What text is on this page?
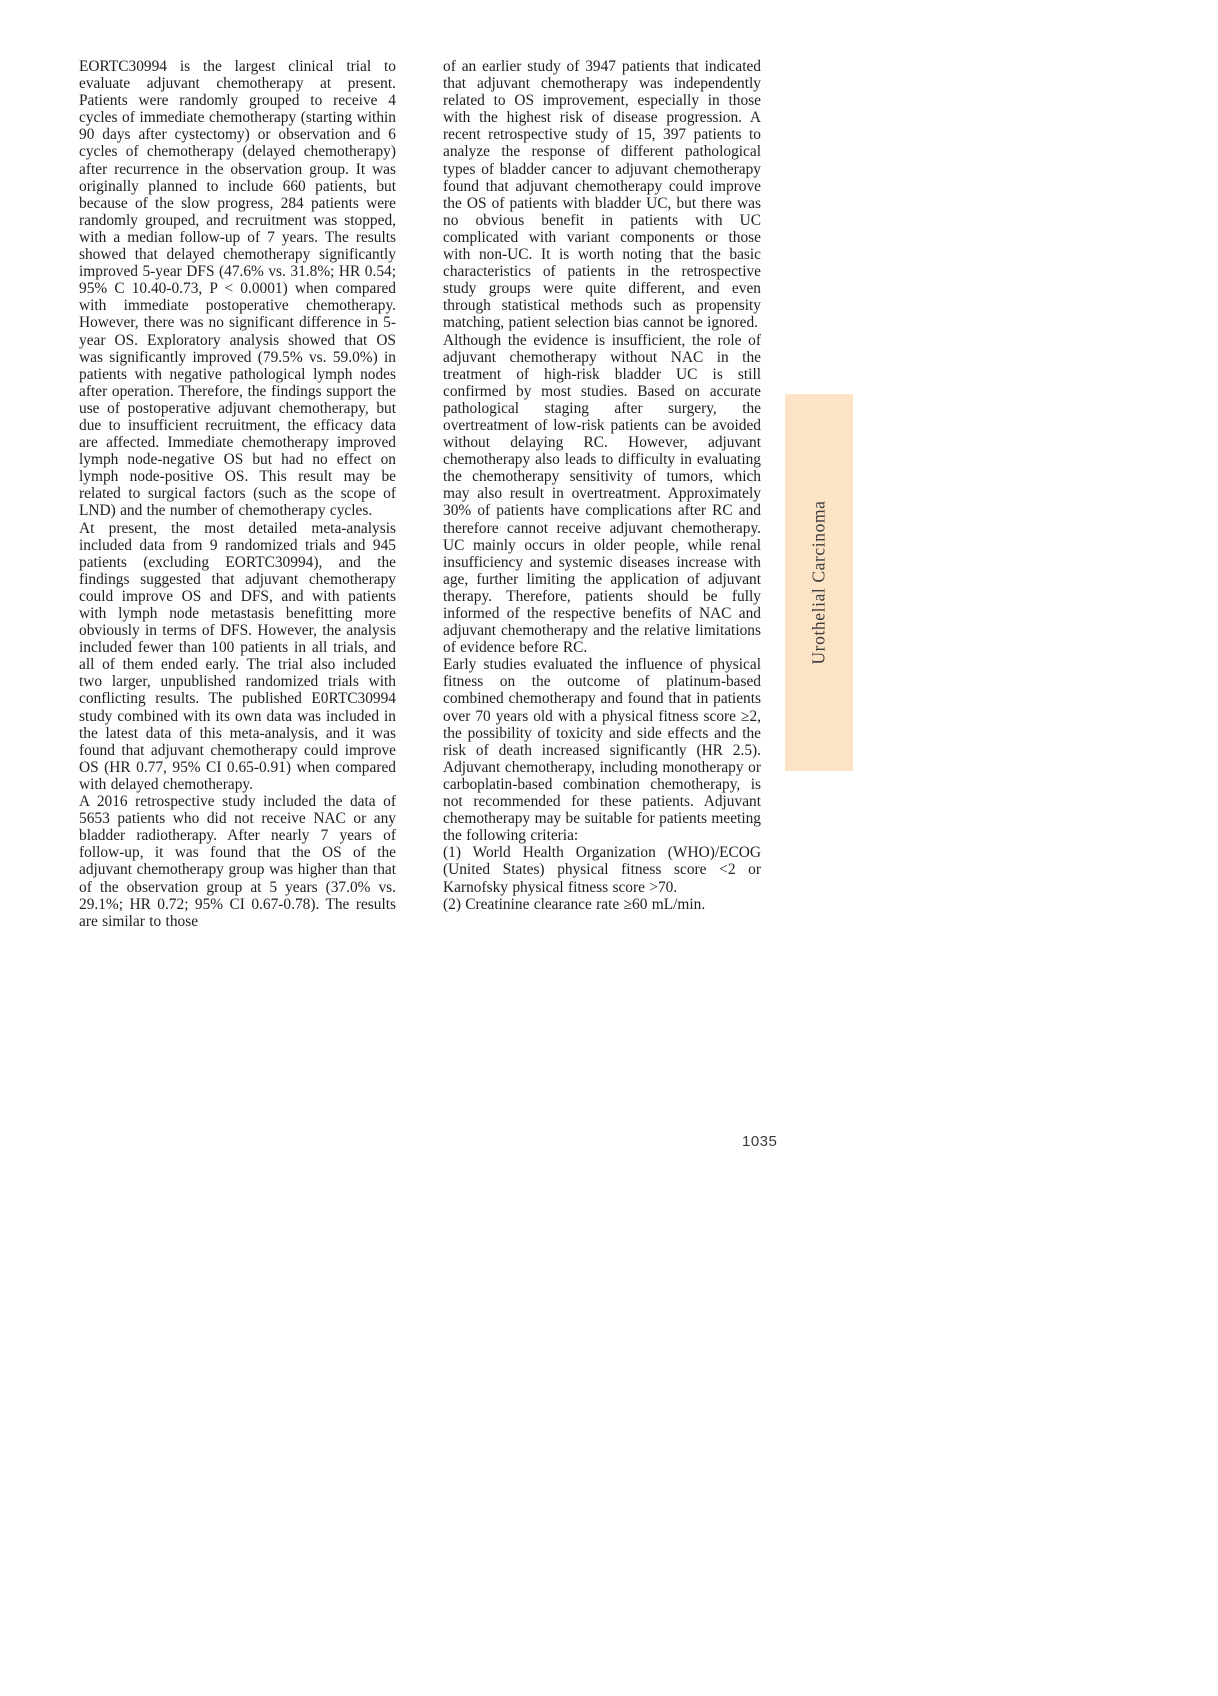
EORTC30994 is the largest clinical trial to evaluate adjuvant chemotherapy at present. Patients were randomly grouped to receive 4 cycles of immediate chemotherapy (starting within 90 days after cystectomy) or observation and 6 cycles of chemotherapy (delayed chemotherapy) after recurrence in the observation group. It was originally planned to include 660 patients, but because of the slow progress, 284 patients were randomly grouped, and recruitment was stopped, with a median follow-up of 7 years. The results showed that delayed chemotherapy significantly improved 5-year DFS (47.6% vs. 31.8%; HR 0.54; 95% C 10.40-0.73, P < 0.0001) when compared with immediate postoperative chemotherapy. However, there was no significant difference in 5-year OS. Exploratory analysis showed that OS was significantly improved (79.5% vs. 59.0%) in patients with negative pathological lymph nodes after operation. Therefore, the findings support the use of postoperative adjuvant chemotherapy, but due to insufficient recruitment, the efficacy data are affected. Immediate chemotherapy improved lymph node-negative OS but had no effect on lymph node-positive OS. This result may be related to surgical factors (such as the scope of LND) and the number of chemotherapy cycles.

At present, the most detailed meta-analysis included data from 9 randomized trials and 945 patients (excluding EORTC30994), and the findings suggested that adjuvant chemotherapy could improve OS and DFS, and with patients with lymph node metastasis benefitting more obviously in terms of DFS. However, the analysis included fewer than 100 patients in all trials, and all of them ended early. The trial also included two larger, unpublished randomized trials with conflicting results. The published E0RTC30994 study combined with its own data was included in the latest data of this meta-analysis, and it was found that adjuvant chemotherapy could improve OS (HR 0.77, 95% CI 0.65-0.91) when compared with delayed chemotherapy.

A 2016 retrospective study included the data of 5653 patients who did not receive NAC or any bladder radiotherapy. After nearly 7 years of follow-up, it was found that the OS of the adjuvant chemotherapy group was higher than that of the observation group at 5 years (37.0% vs. 29.1%; HR 0.72; 95% CI 0.67-0.78). The results are similar to those

of an earlier study of 3947 patients that indicated that adjuvant chemotherapy was independently related to OS improvement, especially in those with the highest risk of disease progression. A recent retrospective study of 15, 397 patients to analyze the response of different pathological types of bladder cancer to adjuvant chemotherapy found that adjuvant chemotherapy could improve the OS of patients with bladder UC, but there was no obvious benefit in patients with UC complicated with variant components or those with non-UC. It is worth noting that the basic characteristics of patients in the retrospective study groups were quite different, and even through statistical methods such as propensity matching, patient selection bias cannot be ignored.

Although the evidence is insufficient, the role of adjuvant chemotherapy without NAC in the treatment of high-risk bladder UC is still confirmed by most studies. Based on accurate pathological staging after surgery, the overtreatment of low-risk patients can be avoided without delaying RC. However, adjuvant chemotherapy also leads to difficulty in evaluating the chemotherapy sensitivity of tumors, which may also result in overtreatment. Approximately 30% of patients have complications after RC and therefore cannot receive adjuvant chemotherapy. UC mainly occurs in older people, while renal insufficiency and systemic diseases increase with age, further limiting the application of adjuvant therapy. Therefore, patients should be fully informed of the respective benefits of NAC and adjuvant chemotherapy and the relative limitations of evidence before RC.

Early studies evaluated the influence of physical fitness on the outcome of platinum-based combined chemotherapy and found that in patients over 70 years old with a physical fitness score ≥2, the possibility of toxicity and side effects and the risk of death increased significantly (HR 2.5). Adjuvant chemotherapy, including monotherapy or carboplatin-based combination chemotherapy, is not recommended for these patients. Adjuvant chemotherapy may be suitable for patients meeting the following criteria:

(1) World Health Organization (WHO)/ECOG (United States) physical fitness score <2 or Karnofsky physical fitness score >70.

(2) Creatinine clearance rate ≥60 mL/min.

Urothelial Carcinoma
1035
